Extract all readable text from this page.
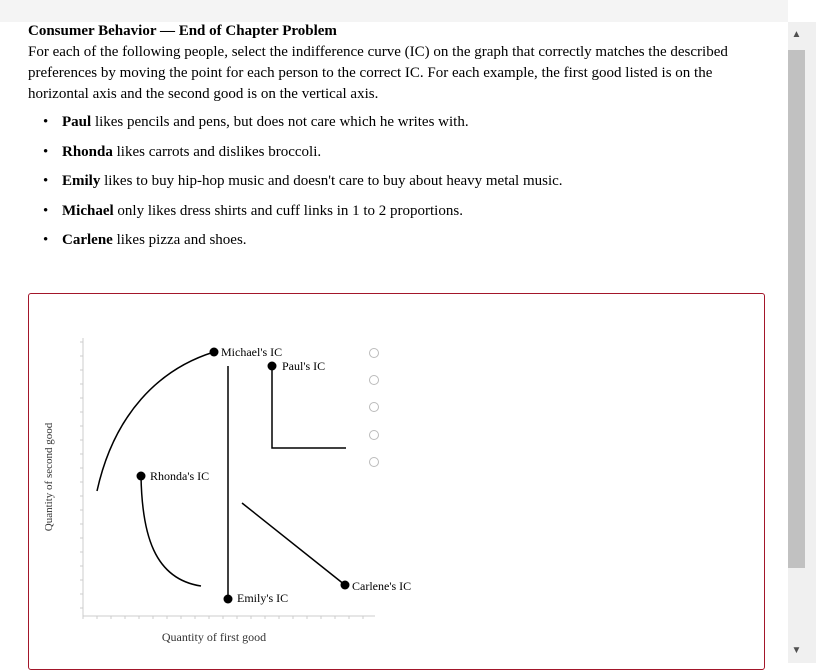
Consumer Behavior — End of Chapter Problem

For each of the following people, select the indifference curve (IC) on the graph that correctly matches the described preferences by moving the point for each person to the correct IC. For each example, the first good listed is on the horizontal axis and the second good is on the vertical axis.

• Paul likes pencils and pens, but does not care which he writes with.
• Rhonda likes carrots and dislikes broccoli.
• Emily likes to buy hip-hop music and doesn't care to buy about heavy metal music.
• Michael only likes dress shirts and cuff links in 1 to 2 proportions.
• Carlene likes pizza and shoes.
Quantity of second good
Quantity of first good
Michael's IC
Paul's IC
Rhonda's IC
Emily's IC
Carlene's IC
▲
▼
